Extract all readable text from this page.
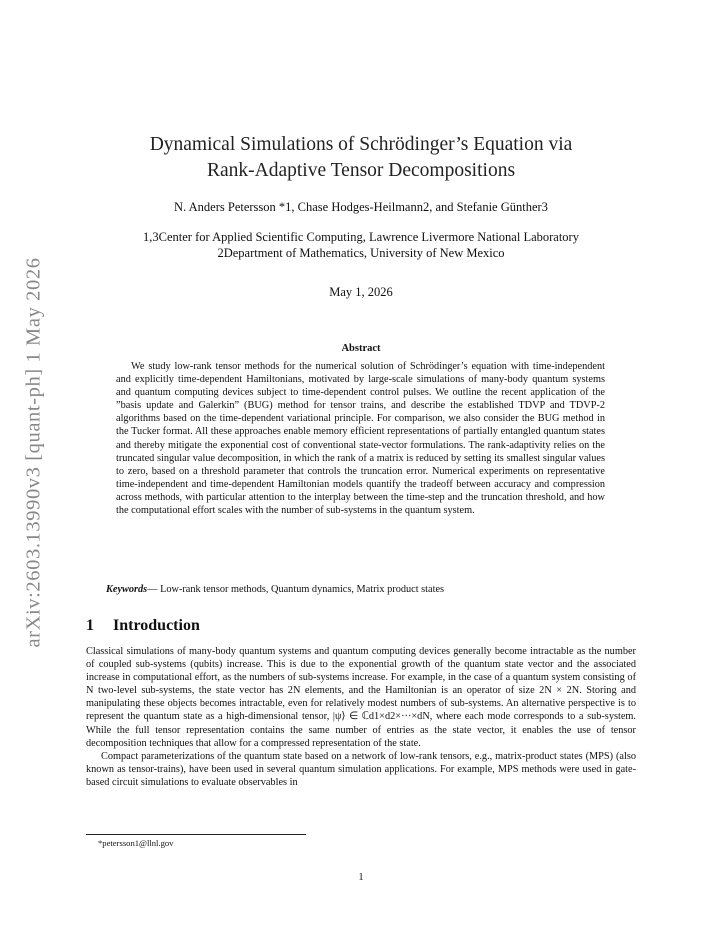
arXiv:2603.13990v3 [quant-ph] 1 May 2026
Dynamical Simulations of Schrödinger’s Equation via
Rank-Adaptive Tensor Decompositions
N. Anders Petersson *1, Chase Hodges-Heilmann2, and Stefanie Günther3
1,3Center for Applied Scientific Computing, Lawrence Livermore National Laboratory
2Department of Mathematics, University of New Mexico
May 1, 2026
Abstract

We study low-rank tensor methods for the numerical solution of Schrödinger’s equation with time-independent and explicitly time-dependent Hamiltonians, motivated by large-scale simulations of many-body quantum systems and quantum computing devices subject to time-dependent control pulses. We outline the recent application of the ”basis update and Galerkin” (BUG) method for tensor trains, and describe the established TDVP and TDVP-2 algorithms based on the time-dependent variational principle. For comparison, we also consider the BUG method in the Tucker format. All these approaches enable memory efficient representations of partially entangled quantum states and thereby mitigate the exponential cost of conventional state-vector formulations. The rank-adaptivity relies on the truncated singular value decomposition, in which the rank of a matrix is reduced by setting its smallest singular values to zero, based on a threshold parameter that controls the truncation error. Numerical experiments on representative time-independent and time-dependent Hamiltonian models quantify the tradeoff between accuracy and compression across methods, with particular attention to the interplay between the time-step and the truncation threshold, and how the computational effort scales with the number of sub-systems in the quantum system.

Keywords— Low-rank tensor methods, Quantum dynamics, Matrix product states
1 Introduction

Classical simulations of many-body quantum systems and quantum computing devices generally become intractable as the number of coupled sub-systems (qubits) increase. This is due to the exponential growth of the quantum state vector and the associated increase in computational effort, as the numbers of sub-systems increase. For example, in the case of a quantum system consisting of N two-level sub-systems, the state vector has 2N elements, and the Hamiltonian is an operator of size 2N × 2N. Storing and manipulating these objects becomes intractable, even for relatively modest numbers of sub-systems. An alternative perspective is to represent the quantum state as a high-dimensional tensor, |ψ⟩ ∈ ℂd1×d2×···×dN, where each mode corresponds to a sub-system. While the full tensor representation contains the same number of entries as the state vector, it enables the use of tensor decomposition techniques that allow for a compressed representation of the state.

Compact parameterizations of the quantum state based on a network of low-rank tensors, e.g., matrix-product states (MPS) (also known as tensor-trains), have been used in several quantum simulation applications. For example, MPS methods were used in gate-based circuit simulations to evaluate observables in

*petersson1@llnl.gov
1
